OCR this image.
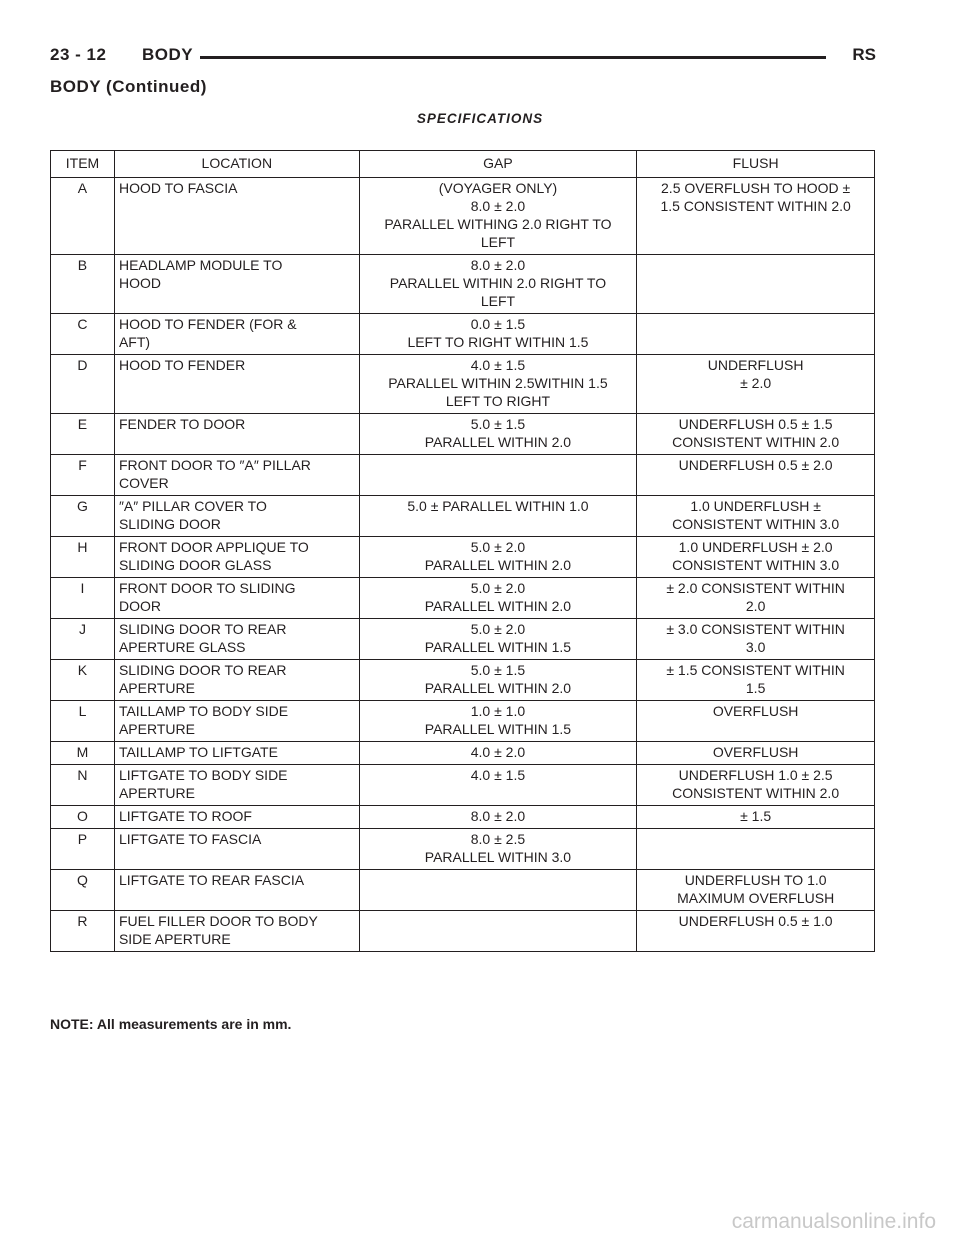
23 - 12 BODY	RS
BODY (Continued)
SPECIFICATIONS
ITEM	LOCATION	GAP	FLUSH
A	HOOD TO FASCIA	(VOYAGER ONLY)
8.0 ± 2.0
PARALLEL WITHING 2.0 RIGHT TO
LEFT	2.5 OVERFLUSH TO HOOD ±
1.5 CONSISTENT WITHIN 2.0
B	HEADLAMP MODULE TO
HOOD	8.0 ± 2.0
PARALLEL WITHIN 2.0 RIGHT TO
LEFT	
C	HOOD TO FENDER (FOR &
AFT)	0.0 ± 1.5
LEFT TO RIGHT WITHIN 1.5	
D	HOOD TO FENDER	4.0 ± 1.5
PARALLEL WITHIN 2.5WITHIN 1.5
LEFT TO RIGHT	UNDERFLUSH
± 2.0
E	FENDER TO DOOR	5.0 ± 1.5
PARALLEL WITHIN 2.0	UNDERFLUSH 0.5 ± 1.5
CONSISTENT WITHIN 2.0
F	FRONT DOOR TO ″A″ PILLAR
COVER		UNDERFLUSH 0.5 ± 2.0
G	″A″ PILLAR COVER TO
SLIDING DOOR	5.0 ± PARALLEL WITHIN 1.0	1.0 UNDERFLUSH ±
CONSISTENT WITHIN 3.0
H	FRONT DOOR APPLIQUE TO
SLIDING DOOR GLASS	5.0 ± 2.0
PARALLEL WITHIN 2.0	1.0 UNDERFLUSH ± 2.0
CONSISTENT WITHIN 3.0
I	FRONT DOOR TO SLIDING
DOOR	5.0 ± 2.0
PARALLEL WITHIN 2.0	± 2.0 CONSISTENT WITHIN
2.0
J	SLIDING DOOR TO REAR
APERTURE GLASS	5.0 ± 2.0
PARALLEL WITHIN 1.5	± 3.0 CONSISTENT WITHIN
3.0
K	SLIDING DOOR TO REAR
APERTURE	5.0 ± 1.5
PARALLEL WITHIN 2.0	± 1.5 CONSISTENT WITHIN
1.5
L	TAILLAMP TO BODY SIDE
APERTURE	1.0 ± 1.0
PARALLEL WITHIN 1.5	OVERFLUSH
M	TAILLAMP TO LIFTGATE	4.0 ± 2.0	OVERFLUSH
N	LIFTGATE TO BODY SIDE
APERTURE	4.0 ± 1.5	UNDERFLUSH 1.0 ± 2.5
CONSISTENT WITHIN 2.0
O	LIFTGATE TO ROOF	8.0 ± 2.0	± 1.5
P	LIFTGATE TO FASCIA	8.0 ± 2.5
PARALLEL WITHIN 3.0	
Q	LIFTGATE TO REAR FASCIA		UNDERFLUSH TO 1.0
MAXIMUM OVERFLUSH
R	FUEL FILLER DOOR TO BODY
SIDE APERTURE		UNDERFLUSH 0.5 ± 1.0
NOTE: All measurements are in mm.
carmanualsonline.info
